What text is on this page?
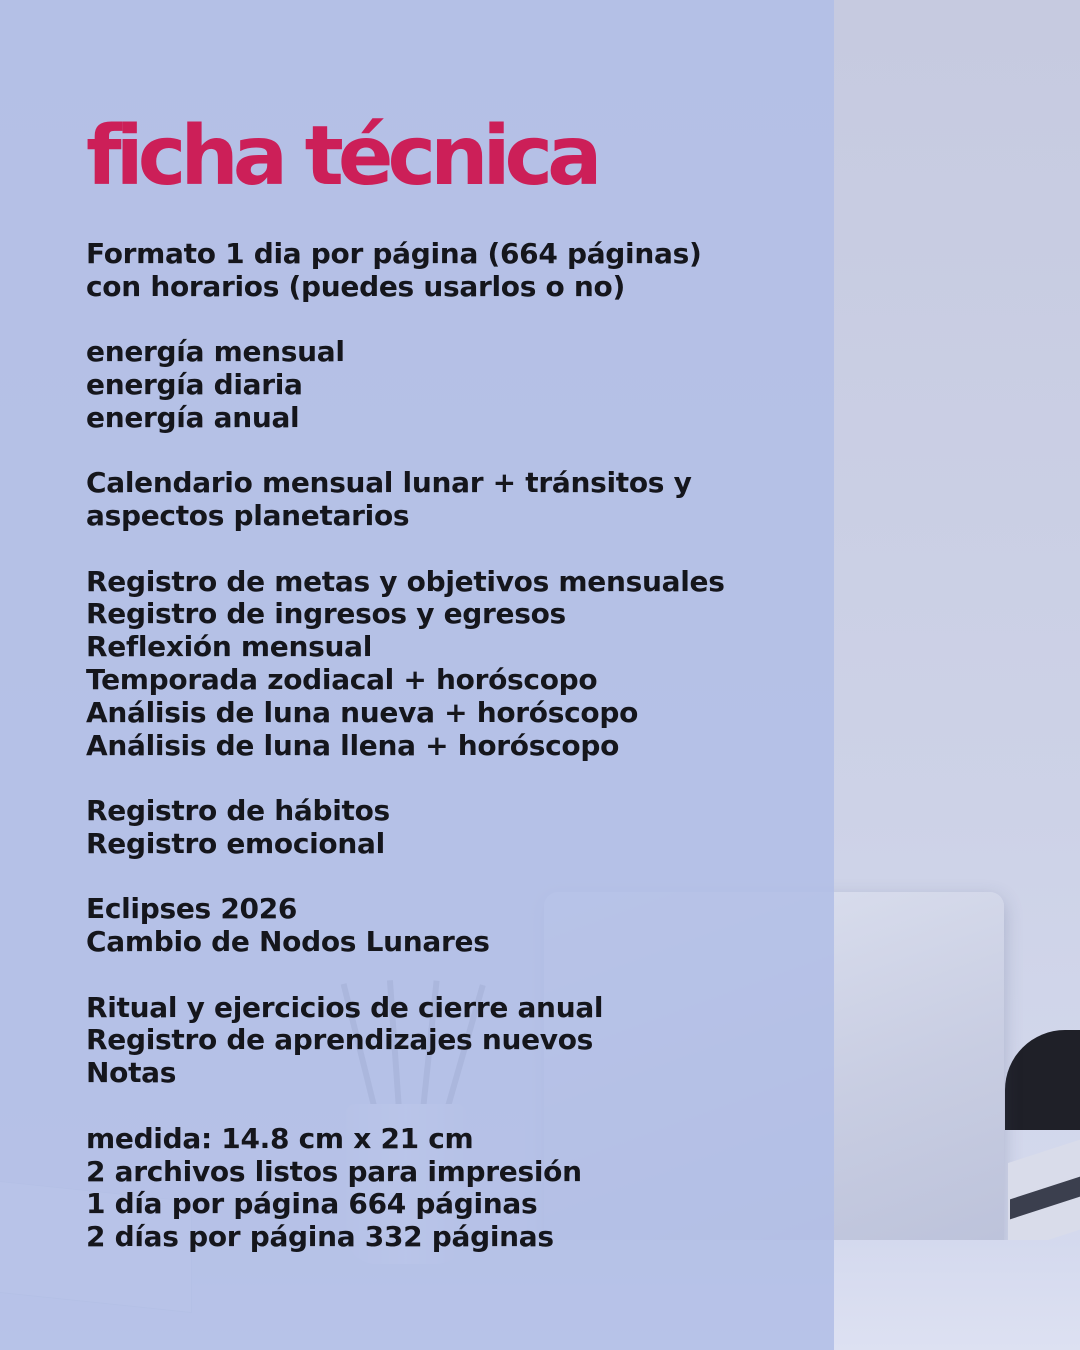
ficha técnica
Formato 1 dia por página (664 páginas)
con horarios (puedes usarlos o no)
energía mensual
energía diaria
energía anual
Calendario mensual lunar + tránsitos y
aspectos planetarios
Registro de metas y objetivos mensuales
Registro de ingresos y egresos
Reflexión mensual
Temporada zodiacal + horóscopo
Análisis de luna nueva + horóscopo
Análisis de luna llena + horóscopo
Registro de hábitos
Registro emocional
Eclipses 2026
Cambio de Nodos Lunares
Ritual y ejercicios de cierre anual
Registro de aprendizajes nuevos
Notas
medida: 14.8 cm x 21 cm
2 archivos listos para impresión
1 día por página 664 páginas
2 días por página 332 páginas
